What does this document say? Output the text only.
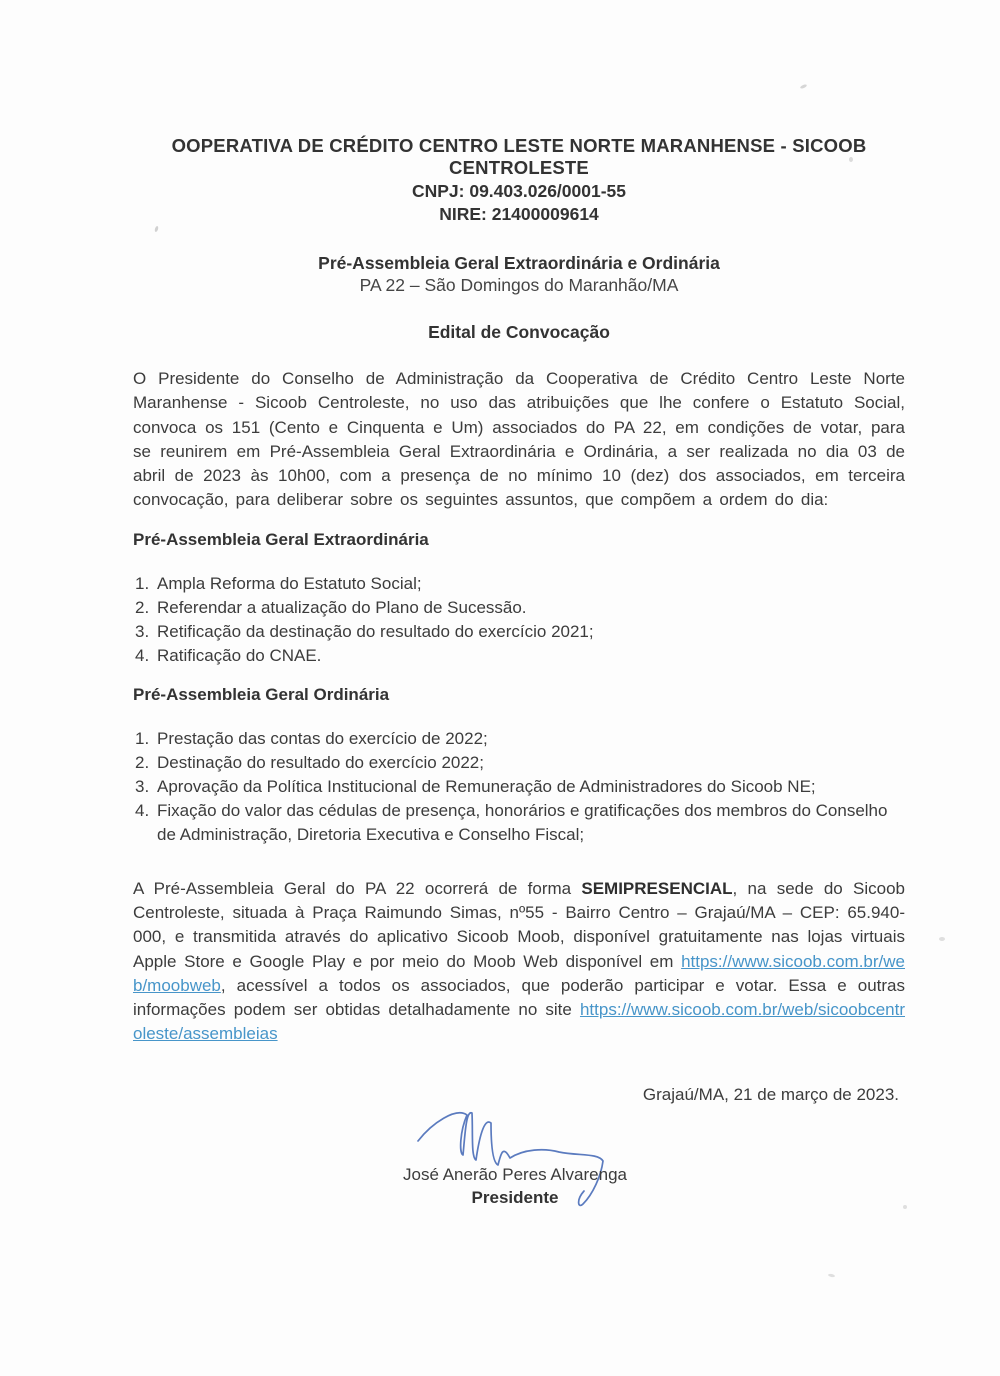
OOPERATIVA DE CRÉDITO CENTRO LESTE NORTE MARANHENSE - SICOOB
CENTROLESTE
CNPJ: 09.403.026/0001-55
NIRE: 21400009614
Pré-Assembleia Geral Extraordinária e Ordinária
PA 22 – São Domingos do Maranhão/MA
Edital de Convocação

O Presidente do Conselho de Administração da Cooperativa de Crédito Centro Leste Norte Maranhense - Sicoob Centroleste, no uso das atribuições que lhe confere o Estatuto Social, convoca os 151 (Cento e Cinquenta e Um) associados do PA 22, em condições de votar, para se reunirem em Pré-Assembleia Geral Extraordinária e Ordinária, a ser realizada no dia 03 de abril de 2023 às 10h00, com a presença de no mínimo 10 (dez) dos associados, em terceira convocação, para deliberar sobre os seguintes assuntos, que compõem a ordem do dia:

Pré-Assembleia Geral Extraordinária
Ampla Reforma do Estatuto Social;
Referendar a atualização do Plano de Sucessão.
Retificação da destinação do resultado do exercício 2021;
Ratificação do CNAE.
Pré-Assembleia Geral Ordinária
Prestação das contas do exercício de 2022;
Destinação do resultado do exercício 2022;
Aprovação da Política Institucional de Remuneração de Administradores do Sicoob NE;
Fixação do valor das cédulas de presença, honorários e gratificações dos membros do Conselho de Administração, Diretoria Executiva e Conselho Fiscal;

A Pré-Assembleia Geral do PA 22 ocorrerá de forma SEMIPRESENCIAL, na sede do Sicoob Centroleste, situada à Praça Raimundo Simas, nº55 - Bairro Centro – Grajaú/MA – CEP: 65.940-000, e transmitida através do aplicativo Sicoob Moob, disponível gratuitamente nas lojas virtuais Apple Store e Google Play e por meio do Moob Web disponível em https://www.sicoob.com.br/web/moobweb, acessível a todos os associados, que poderão participar e votar. Essa e outras informações podem ser obtidas detalhadamente no site https://www.sicoob.com.br/web/sicoobcentroleste/assembleias

Grajaú/MA, 21 de março de 2023.
José Anerão Peres Alvarenga
Presidente
